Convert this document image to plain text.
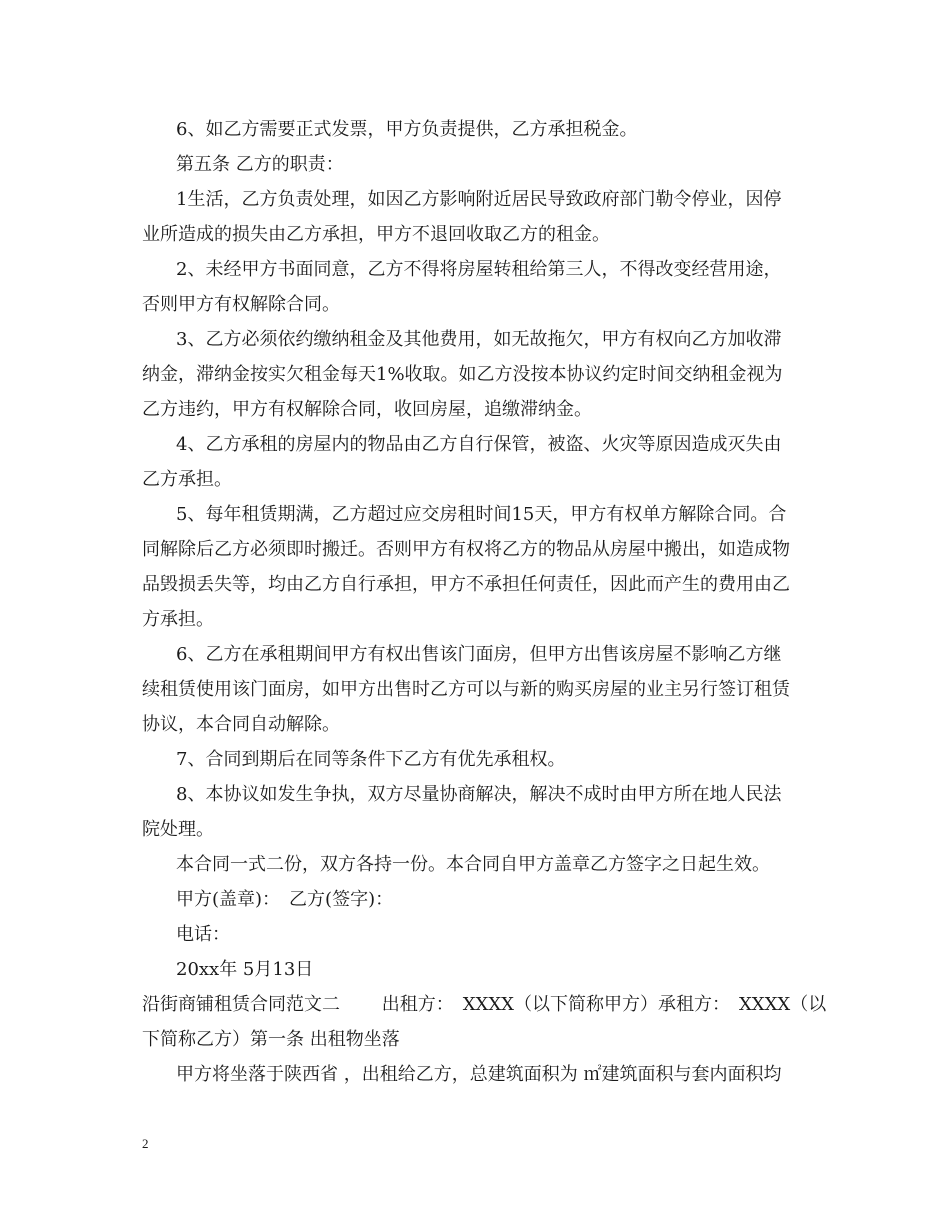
6、如乙方需要正式发票，甲方负责提供，乙方承担税金。
第五条 乙方的职责：
1生活，乙方负责处理，如因乙方影响附近居民导致政府部门勒令停业，因停
业所造成的损失由乙方承担，甲方不退回收取乙方的租金。
2、未经甲方书面同意，乙方不得将房屋转租给第三人，不得改变经营用途，
否则甲方有权解除合同。
3、乙方必须依约缴纳租金及其他费用，如无故拖欠，甲方有权向乙方加收滞
纳金，滞纳金按实欠租金每天1%收取。如乙方没按本协议约定时间交纳租金视为
乙方违约，甲方有权解除合同，收回房屋，追缴滞纳金。
4、乙方承租的房屋内的物品由乙方自行保管，被盗、火灾等原因造成灭失由
乙方承担。
5、每年租赁期满，乙方超过应交房租时间15天，甲方有权单方解除合同。合
同解除后乙方必须即时搬迁。否则甲方有权将乙方的物品从房屋中搬出，如造成物
品毁损丢失等，均由乙方自行承担，甲方不承担任何责任，因此而产生的费用由乙
方承担。
6、乙方在承租期间甲方有权出售该门面房，但甲方出售该房屋不影响乙方继
续租赁使用该门面房，如甲方出售时乙方可以与新的购买房屋的业主另行签订租赁
协议，本合同自动解除。
7、合同到期后在同等条件下乙方有优先承租权。
8、本协议如发生争执，双方尽量协商解决，解决不成时由甲方所在地人民法
院处理。
本合同一式二份，双方各持一份。本合同自甲方盖章乙方签字之日起生效。
甲方(盖章)：　乙方(签字)：
电话：
20xx年 5月13日
沿街商铺租赁合同范文二　　 出租方：　XXXX（以下简称甲方）承租方：　XXXX（以
下简称乙方）第一条 出租物坐落
甲方将坐落于陕西省 ，出租给乙方，总建筑面积为 ㎡建筑面积与套内面积均
2
